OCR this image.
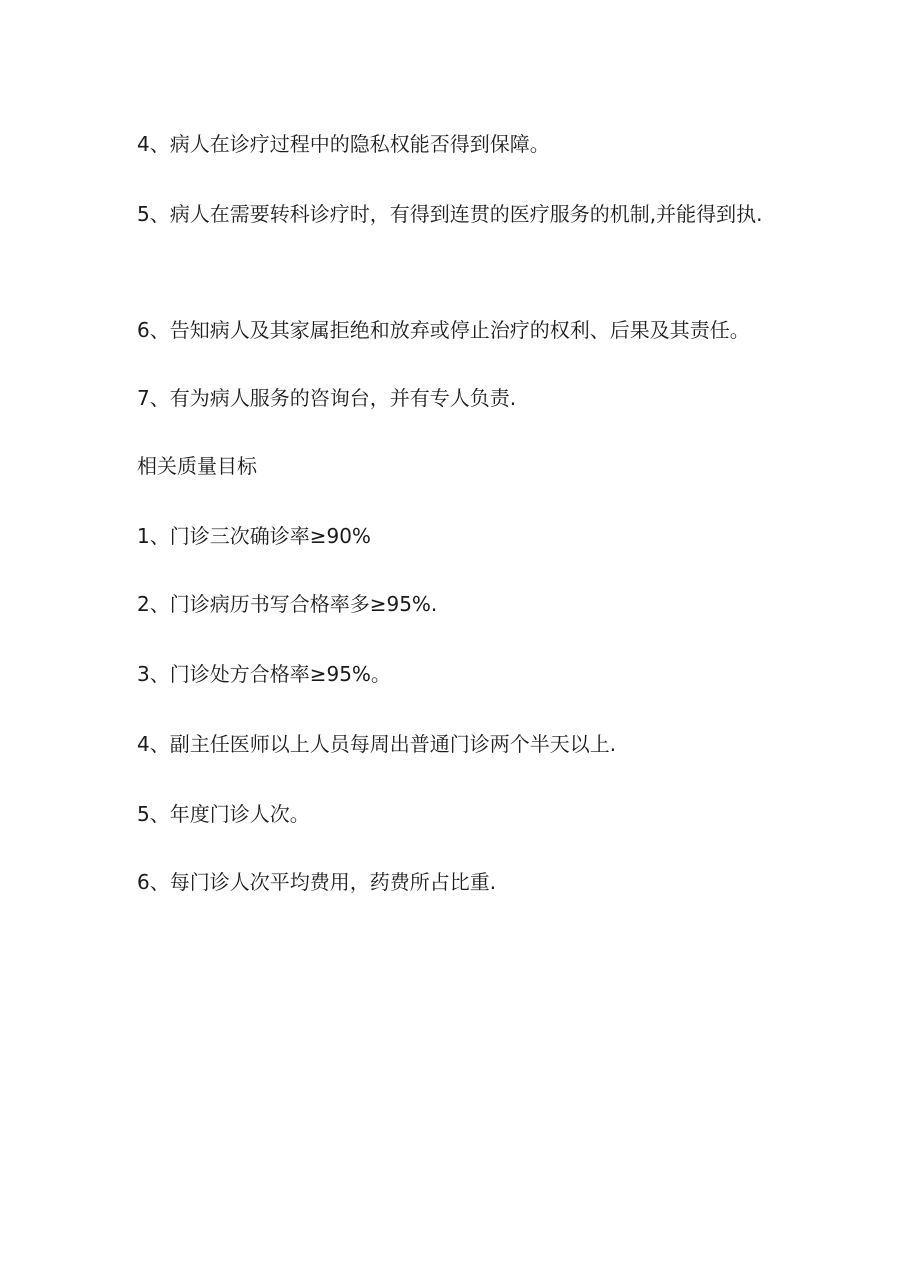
4、病人在诊疗过程中的隐私权能否得到保障。

5、病人在需要转科诊疗时，有得到连贯的医疗服务的机制,并能得到执.

6、告知病人及其家属拒绝和放弃或停止治疗的权利、后果及其责任。

7、有为病人服务的咨询台，并有专人负责.

相关质量目标

1、门诊三次确诊率≥90%

2、门诊病历书写合格率多≥95%.

3、门诊处方合格率≥95%。

4、副主任医师以上人员每周出普通门诊两个半天以上.

5、年度门诊人次。

6、每门诊人次平均费用，药费所占比重.
